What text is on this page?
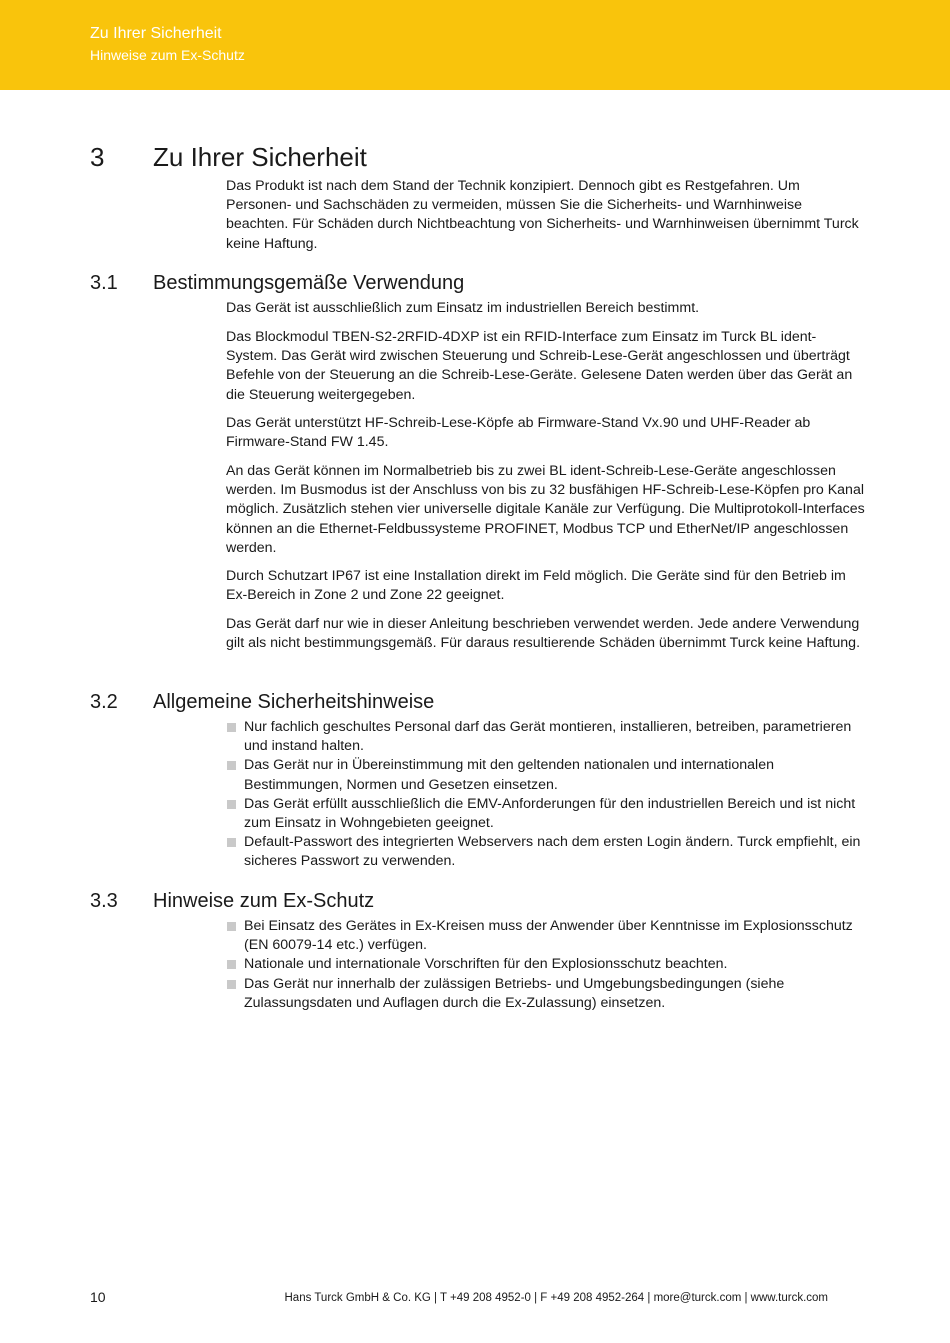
Zu Ihrer Sicherheit
Hinweise zum Ex-Schutz
3 Zu Ihrer Sicherheit

Das Produkt ist nach dem Stand der Technik konzipiert. Dennoch gibt es Restgefahren. Um Personen- und Sachschäden zu vermeiden, müssen Sie die Sicherheits- und Warnhinweise beachten. Für Schäden durch Nichtbeachtung von Sicherheits- und Warnhinweisen übernimmt Turck keine Haftung.

3.1 Bestimmungsgemäße Verwendung

Das Gerät ist ausschließlich zum Einsatz im industriellen Bereich bestimmt.

Das Blockmodul TBEN-S2-2RFID-4DXP ist ein RFID-Interface zum Einsatz im Turck BL ident-System. Das Gerät wird zwischen Steuerung und Schreib-Lese-Gerät angeschlossen und überträgt Befehle von der Steuerung an die Schreib-Lese-Geräte. Gelesene Daten werden über das Gerät an die Steuerung weitergegeben.

Das Gerät unterstützt HF-Schreib-Lese-Köpfe ab Firmware-Stand Vx.90 und UHF-Reader ab Firmware-Stand FW 1.45.

An das Gerät können im Normalbetrieb bis zu zwei BL ident-Schreib-Lese-Geräte angeschlossen werden. Im Busmodus ist der Anschluss von bis zu 32 busfähigen HF-Schreib-Lese-Köpfen pro Kanal möglich. Zusätzlich stehen vier universelle digitale Kanäle zur Verfügung. Die Multiprotokoll-Interfaces können an die Ethernet-Feldbussysteme PROFINET, Modbus TCP und EtherNet/IP angeschlossen werden.

Durch Schutzart IP67 ist eine Installation direkt im Feld möglich. Die Geräte sind für den Betrieb im Ex-Bereich in Zone 2 und Zone 22 geeignet.

Das Gerät darf nur wie in dieser Anleitung beschrieben verwendet werden. Jede andere Verwendung gilt als nicht bestimmungsgemäß. Für daraus resultierende Schäden übernimmt Turck keine Haftung.

3.2 Allgemeine Sicherheitshinweise
Nur fachlich geschultes Personal darf das Gerät montieren, installieren, betreiben, parametrieren und instand halten.
Das Gerät nur in Übereinstimmung mit den geltenden nationalen und internationalen Bestimmungen, Normen und Gesetzen einsetzen.
Das Gerät erfüllt ausschließlich die EMV-Anforderungen für den industriellen Bereich und ist nicht zum Einsatz in Wohngebieten geeignet.
Default-Passwort des integrierten Webservers nach dem ersten Login ändern. Turck empfiehlt, ein sicheres Passwort zu verwenden.
3.3 Hinweise zum Ex-Schutz
Bei Einsatz des Gerätes in Ex-Kreisen muss der Anwender über Kenntnisse im Explosionsschutz (EN 60079-14 etc.) verfügen.
Nationale und internationale Vorschriften für den Explosionsschutz beachten.
Das Gerät nur innerhalb der zulässigen Betriebs- und Umgebungsbedingungen (siehe Zulassungsdaten und Auflagen durch die Ex-Zulassung) einsetzen.
10	Hans Turck GmbH & Co. KG | T +49 208 4952-0 | F +49 208 4952-264 | more@turck.com | www.turck.com
